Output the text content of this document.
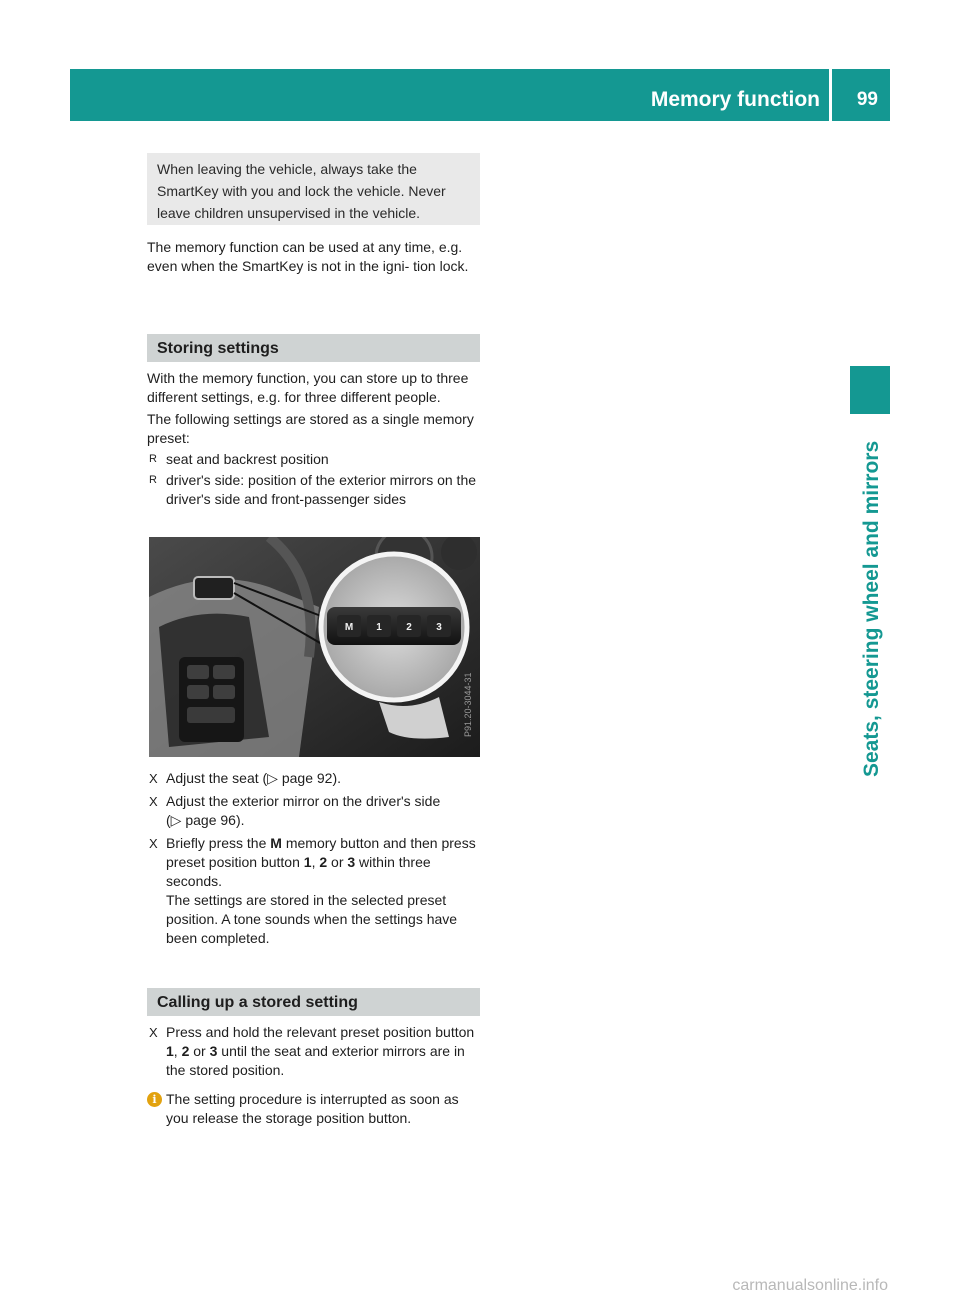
Memory function 99
Seats, steering wheel and mirrors
When leaving the vehicle, always take the SmartKey with you and lock the vehicle. Never leave children unsupervised in the vehicle.

The memory function can be used at any time, e.g. even when the SmartKey is not in the igni- tion lock.

Storing settings

With the memory function, you can store up to three different settings, e.g. for three different people.

The following settings are stored as a single memory preset:

R seat and backrest position
R driver's side: position of the exterior mirrors on the driver's side and front-passenger sides
M 1 2 3
P91.20-3044-31
X Adjust the seat (▷ page 92).
X Adjust the exterior mirror on the driver's side (▷ page 96).
X Briefly press the M memory button and then press preset position button 1, 2 or 3 within three seconds.
The settings are stored in the selected preset position. A tone sounds when the settings have been completed.
Calling up a stored setting
X Press and hold the relevant preset position button 1, 2 or 3 until the seat and exterior mirrors are in the stored position.
i The setting procedure is interrupted as soon as you release the storage position button.
carmanualsonline.info
